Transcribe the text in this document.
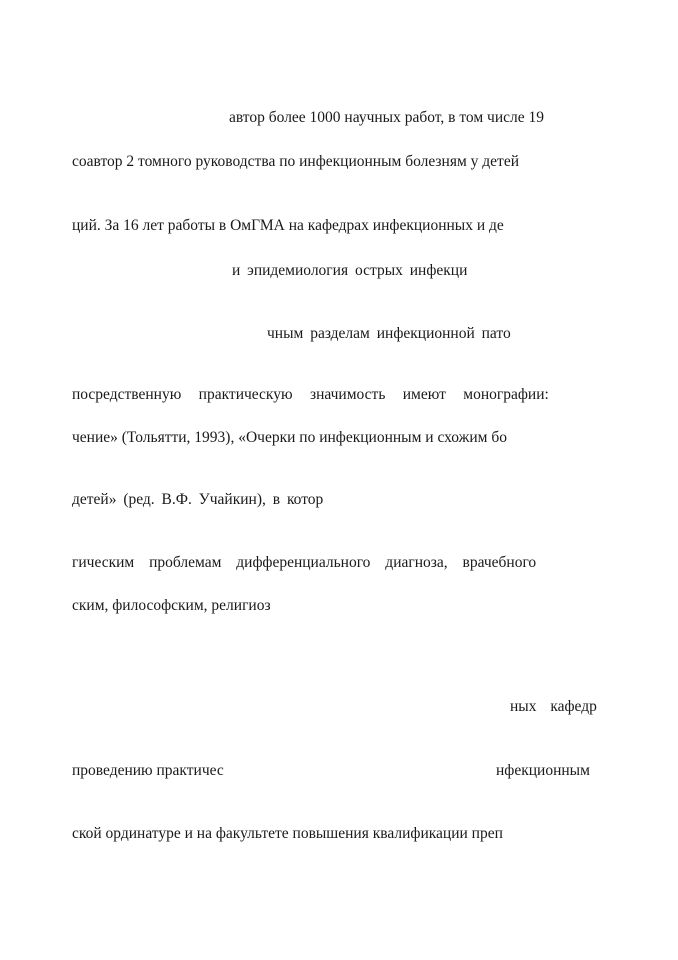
автор более 1000 научных работ, в том числе 19
соавтор 2 томного руководства по инфекционным болезням у детей
ций. За 16 лет работы в ОмГМА на кафедрах инфекционных и де
и эпидемиология острых инфекци
чным разделам инфекционной пато
посредственную практическую значимость имеют монографии:
чение» (Тольятти, 1993), «Очерки по инфекционным и схожим бо
детей» (ред. В.Ф. Учайкин), в котор
гическим проблемам дифференциального диагноза, врачебного
ским, философским, религиоз
ных кафедр
проведению практичес	нфекционным
ской ординатуре и на факультете повышения квалификации преп
